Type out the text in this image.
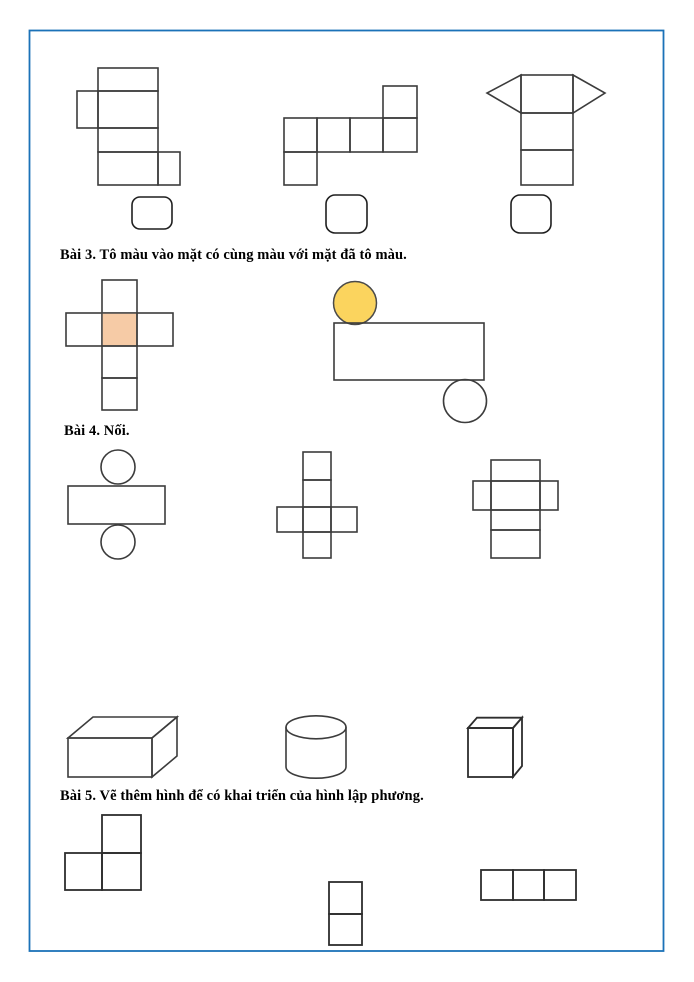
Bài 3. Tô màu vào mặt có cùng màu với mặt đã tô màu.
Bài 4. Nối.
Bài 5. Vẽ thêm hình để có khai triển của hình lập phương.
